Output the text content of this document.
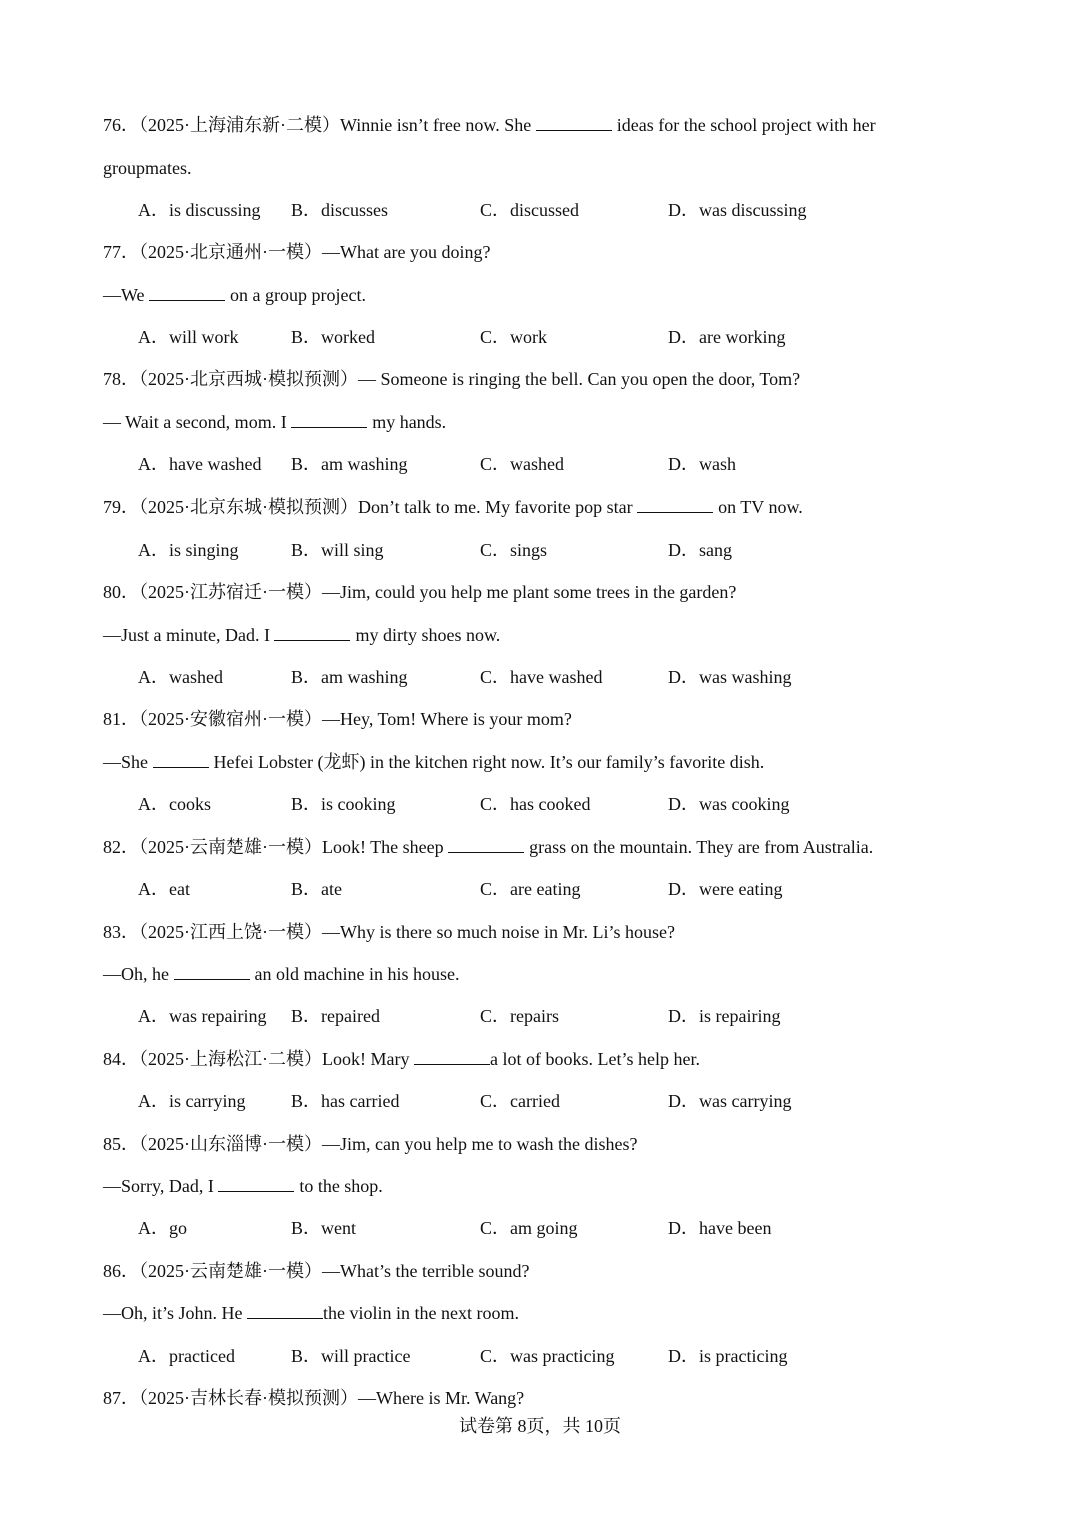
76．（2025·上海浦东新·二模）Winnie isn’t free now. She	ideas for the school project with her
groupmates.
A．is discussing B．discusses	C．discussed	D．was discussing
77．（2025·北京通州·一模）—What are you doing?
—We	on a group project.
A．will work	B．worked	C．work	D．are working
78．（2025·北京西城·模拟预测）— Someone is ringing the bell. Can you open the door, Tom?
— Wait a second, mom. I	my hands.
A．have washed B．am washing	C．washed	D．wash
79．（2025·北京东城·模拟预测）Don’t talk to me. My favorite pop star	on TV now.
A．is singing	B．will sing	C．sings	D．sang
80．（2025·江苏宿迁·一模）—Jim, could you help me plant some trees in the garden?
—Just a minute, Dad. I	my dirty shoes now.
A．washed	B．am washing	C．have washed	D．was washing
81．（2025·安徽宿州·一模）—Hey, Tom! Where is your mom?
—She	Hefei Lobster (龙虾) in the kitchen right now. It’s our family’s favorite dish.
A．cooks	B．is cooking	C．has cooked	D．was cooking
82．（2025·云南楚雄·一模）Look! The sheep	grass on the mountain. They are from Australia.
A．eat	B．ate	C．are eating	D．were eating
83．（2025·江西上饶·一模）—Why is there so much noise in Mr. Li’s house?
—Oh, he	an old machine in his house.
A．was repairing B．repaired	C．repairs	D．is repairing
84．（2025·上海松江·二模）Look! Mary	a lot of books. Let’s help her.
A．is carrying	B．has carried	C．carried	D．was carrying
85．（2025·山东淄博·一模）—Jim, can you help me to wash the dishes?
—Sorry, Dad, I	to the shop.
A．go	B．went	C．am going	D．have been
86．（2025·云南楚雄·一模）—What’s the terrible sound?
—Oh, it’s John. He	the violin in the next room.
A．practiced	B．will practice	C．was practicing	D．is practicing
87．（2025·吉林长春·模拟预测）—Where is Mr. Wang?
试卷第 8页，共 10页
